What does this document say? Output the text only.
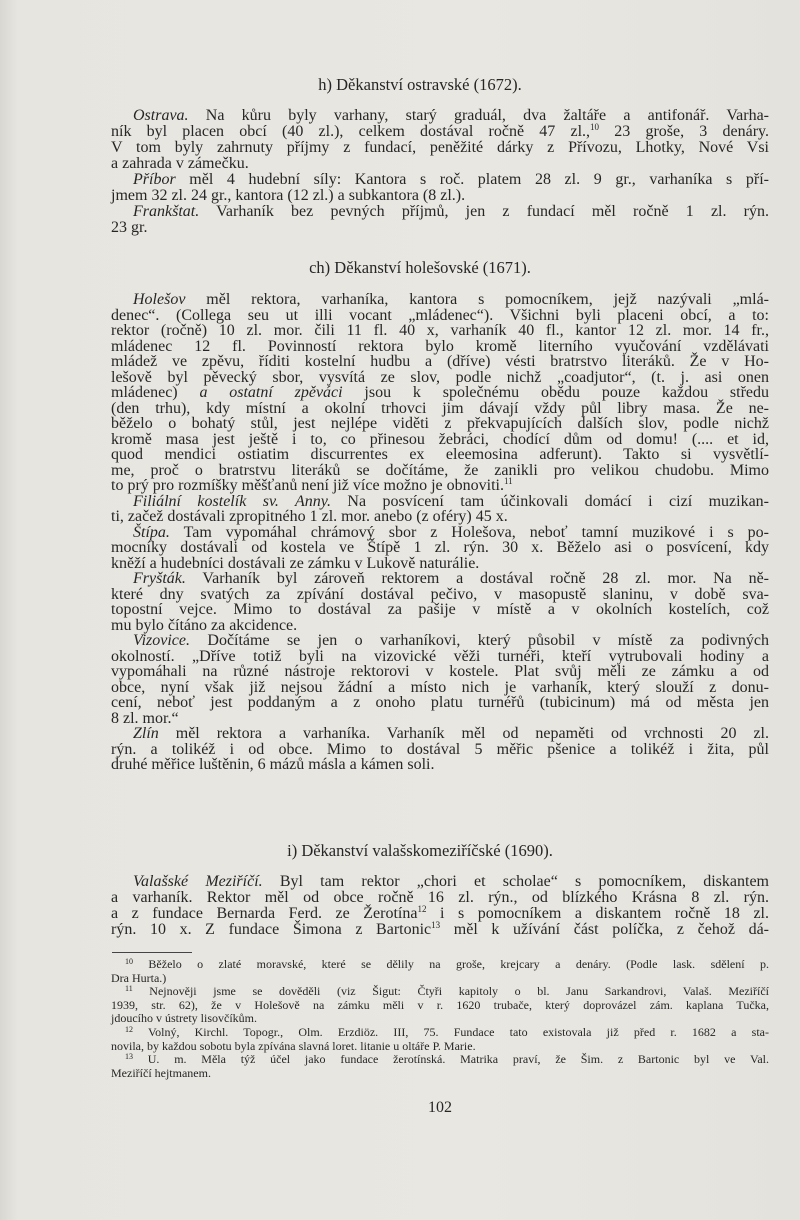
h) Děkanství ostravské (1672).
Ostrava. Na kůru byly varhany, starý graduál, dva žaltáře a antifonář. Varha-
ník byl placen obcí (40 zl.), celkem dostával ročně 47 zl.,$^{10}$ 23 groše, 3 denáry.
V tom byly zahrnuty příjmy z fundací, peněžité dárky z Přívozu, Lhotky, Nové Vsi
a zahrada v zámečku.
Příbor měl 4 hudební síly: Kantora s roč. platem 28 zl. 9 gr., varhaníka s pří-
jmem 32 zl. 24 gr., kantora (12 zl.) a subkantora (8 zl.).
Frankštat. Varhaník bez pevných příjmů, jen z fundací měl ročně 1 zl. rýn.
23 gr.
ch) Děkanství holešovské (1671).
Holešov měl rektora, varhaníka, kantora s pomocníkem, jejž nazývali „mlá-
denec“. (Collega seu ut illi vocant „mládenec“). Všichni byli placeni obcí, a to:
rektor (ročně) 10 zl. mor. čili 11 fl. 40 x, varhaník 40 fl., kantor 12 zl. mor. 14 fr.,
mládenec 12 fl. Povinností rektora bylo kromě literního vyučování vzdělávati
mládež ve zpěvu, říditi kostelní hudbu a (dříve) vésti bratrstvo literáků. Že v Ho-
lešově byl pěvecký sbor, vysvítá ze slov, podle nichž „coadjutor“, (t. j. asi onen
mládenec) a ostatní zpěváci jsou k společnému obědu pouze každou středu
(den trhu), kdy místní a okolní trhovci jim dávají vždy půl libry masa. Že ne-
běželo o bohatý stůl, jest nejlépe viděti z překvapujících dalších slov, podle nichž
kromě masa jest ještě i to, co přinesou žebráci, chodící dům od domu! (.... et id,
quod mendici ostiatim discurrentes ex eleemosina adferunt). Takto si vysvětlí-
me, proč o bratrstvu literáků se dočítáme, že zanikli pro velikou chudobu. Mimo
to prý pro rozmíšky měšťanů není již více možno je obnoviti.$^{11}$
Filiální kostelík sv. Anny. Na posvícení tam účinkovali domácí i cizí muzikan-
ti, začež dostávali zpropitného 1 zl. mor. anebo (z oféry) 45 x.
Štípa. Tam vypomáhal chrámový sbor z Holešova, neboť tamní muzikové i s po-
mocníky dostávali od kostela ve Štípě 1 zl. rýn. 30 x. Běželo asi o posvícení, kdy
kněží a hudebníci dostávali ze zámku v Lukově naturálie.
Fryšták. Varhaník byl zároveň rektorem a dostával ročně 28 zl. mor. Na ně-
které dny svatých za zpívání dostával pečivo, v masopustě slaninu, v době sva-
topostní vejce. Mimo to dostával za pašije v místě a v okolních kostelích, což
mu bylo čítáno za akcidence.
Vizovice. Dočítáme se jen o varhaníkovi, který působil v místě za podivných
okolností. „Dříve totiž byli na vizovické věži turnéři, kteří vytrubovali hodiny a
vypomáhali na různé nástroje rektorovi v kostele. Plat svůj měli ze zámku a od
obce, nyní však již nejsou žádní a místo nich je varhaník, který slouží z donu-
cení, neboť jest poddaným a z onoho platu turnéřů (tubicinum) má od města jen
8 zl. mor.“
Zlín měl rektora a varhaníka. Varhaník měl od nepaměti od vrchnosti 20 zl.
rýn. a tolikéž i od obce. Mimo to dostával 5 měřic pšenice a tolikéž i žita, půl
druhé měřice luštěnin, 6 mázů másla a kámen soli.
i) Děkanství valašskomeziříčské (1690).
Valašské Meziříčí. Byl tam rektor „chori et scholae“ s pomocníkem, diskantem
a varhaník. Rektor měl od obce ročně 16 zl. rýn., od blízkého Krásna 8 zl. rýn.
a z fundace Bernarda Ferd. ze Žerotína$^{12}$ i s pomocníkem a diskantem ročně 18 zl.
rýn. 10 x. Z fundace Šimona z Bartonic$^{13}$ měl k užívání část políčka, z čehož dá-
$^{10}$ Běželo o zlaté moravské, které se dělily na groše, krejcary a denáry. (Podle lask. sdělení p.
Dra Hurta.)
$^{11}$ Nejnověji jsme se dověděli (viz Šigut: Čtyři kapitoly o bl. Janu Sarkandrovi, Valaš. Meziříčí
1939, str. 62), že v Holešově na zámku měli v r. 1620 trubače, který doprovázel zám. kaplana Tučka,
jdoucího v ústrety lisovčíkům.
$^{12}$ Volný, Kirchl. Topogr., Olm. Erzdiöz. III, 75. Fundace tato existovala již před r. 1682 a sta-
novila, by každou sobotu byla zpívána slavná loret. litanie u oltáře P. Marie.
$^{13}$ U. m. Měla týž účel jako fundace žerotínská. Matrika praví, že Šim. z Bartonic byl ve Val.
Meziříčí hejtmanem.
102
